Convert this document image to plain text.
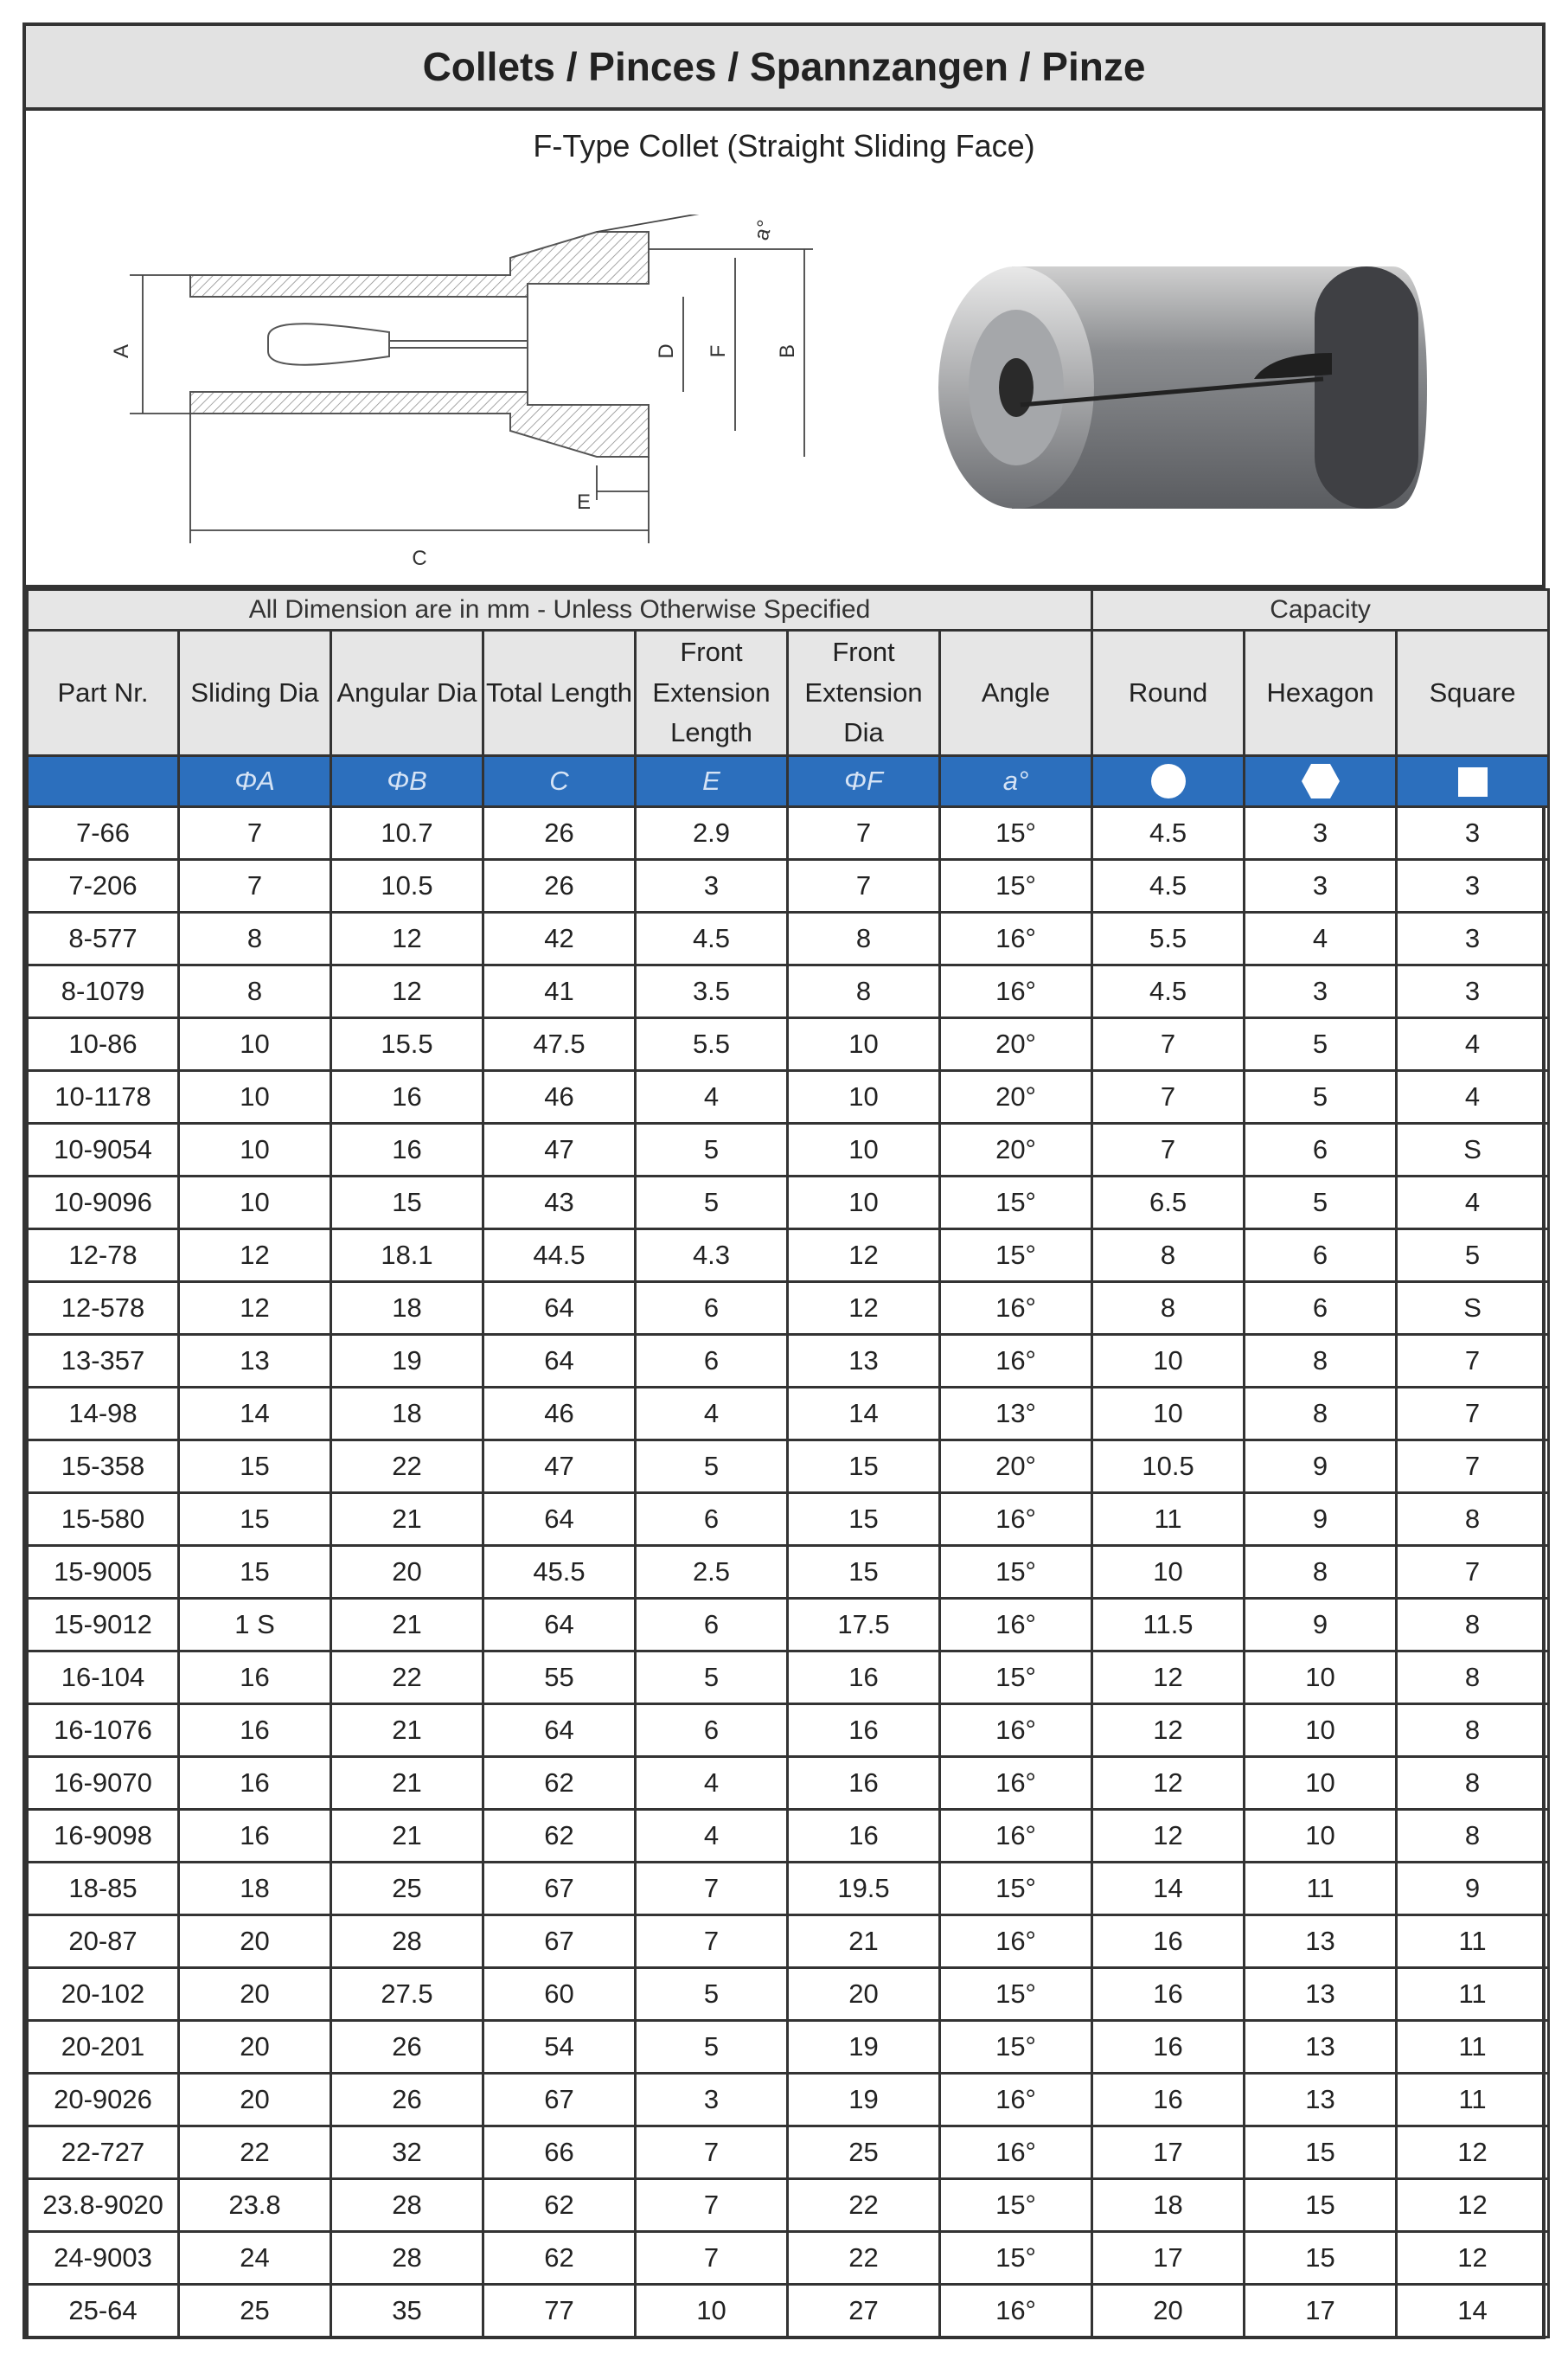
Collets / Pinces / Spannzangen / Pinze
F-Type Collet (Straight Sliding Face)
A
C
E
D F B
a°
All Dimension are in mm - Unless Otherwise Specified							Capacity		
Part Nr.	Sliding Dia	Angular Dia	Total Length	Front Extension Length	Front Extension Dia	Angle	Round	Hexagon	Square
	ΦA	ΦB	C	E	ΦF	a°			
7-66	7	10.7	26	2.9	7	15°	4.5	3	3
7-206	7	10.5	26	3	7	15°	4.5	3	3
8-577	8	12	42	4.5	8	16°	5.5	4	3
8-1079	8	12	41	3.5	8	16°	4.5	3	3
10-86	10	15.5	47.5	5.5	10	20°	7	5	4
10-1178	10	16	46	4	10	20°	7	5	4
10-9054	10	16	47	5	10	20°	7	6	S
10-9096	10	15	43	5	10	15°	6.5	5	4
12-78	12	18.1	44.5	4.3	12	15°	8	6	5
12-578	12	18	64	6	12	16°	8	6	S
13-357	13	19	64	6	13	16°	10	8	7
14-98	14	18	46	4	14	13°	10	8	7
15-358	15	22	47	5	15	20°	10.5	9	7
15-580	15	21	64	6	15	16°	11	9	8
15-9005	15	20	45.5	2.5	15	15°	10	8	7
15-9012	1 S	21	64	6	17.5	16°	11.5	9	8
16-104	16	22	55	5	16	15°	12	10	8
16-1076	16	21	64	6	16	16°	12	10	8
16-9070	16	21	62	4	16	16°	12	10	8
16-9098	16	21	62	4	16	16°	12	10	8
18-85	18	25	67	7	19.5	15°	14	11	9
20-87	20	28	67	7	21	16°	16	13	11
20-102	20	27.5	60	5	20	15°	16	13	11
20-201	20	26	54	5	19	15°	16	13	11
20-9026	20	26	67	3	19	16°	16	13	11
22-727	22	32	66	7	25	16°	17	15	12
23.8-9020	23.8	28	62	7	22	15°	18	15	12
24-9003	24	28	62	7	22	15°	17	15	12
25-64	25	35	77	10	27	16°	20	17	14
